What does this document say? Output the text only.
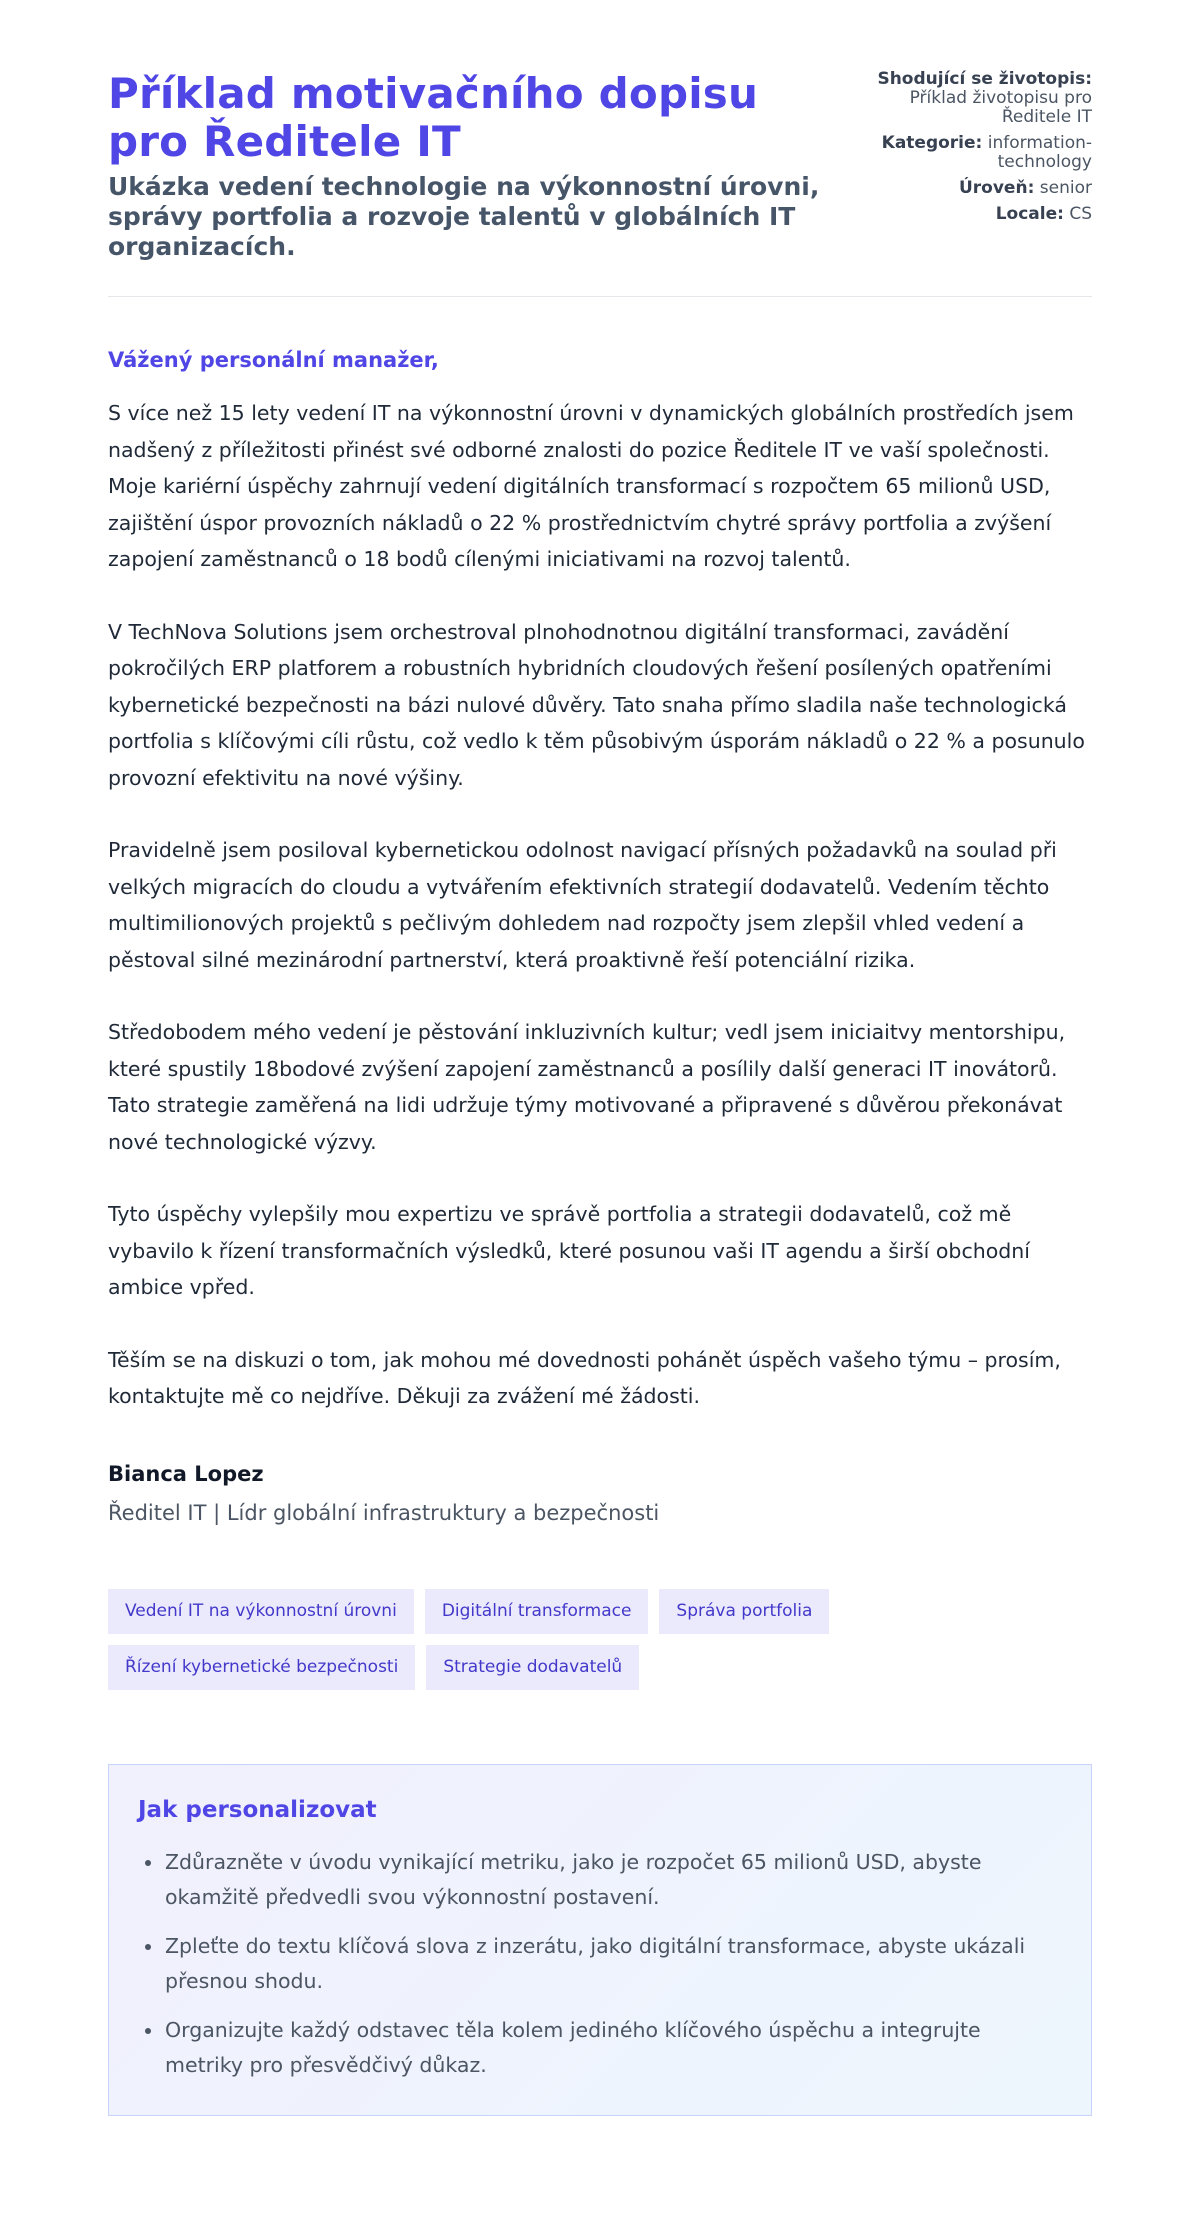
Příklad motivačního dopisu pro Ředitele IT
Ukázka vedení technologie na výkonnostní úrovni, správy portfolia a rozvoje talentů v globálních IT organizacích.
Shodující se životopis:
Příklad životopisu pro Ředitele IT
Kategorie: information-technology
Úroveň: senior
Locale: CS

Vážený personální manažer,

S více než 15 lety vedení IT na výkonnostní úrovni v dynamických globálních prostředích jsem nadšený z příležitosti přinést své odborné znalosti do pozice Ředitele IT ve vaší společnosti. Moje kariérní úspěchy zahrnují vedení digitálních transformací s rozpočtem 65 milionů USD, zajištění úspor provozních nákladů o 22 % prostřednictvím chytré správy portfolia a zvýšení zapojení zaměstnanců o 18 bodů cílenými iniciativami na rozvoj talentů.

V TechNova Solutions jsem orchestroval plnohodnotnou digitální transformaci, zavádění pokročilých ERP platforem a robustních hybridních cloudových řešení posílených opatřeními kybernetické bezpečnosti na bázi nulové důvěry. Tato snaha přímo sladila naše technologická portfolia s klíčovými cíli růstu, což vedlo k těm působivým úsporám nákladů o 22 % a posunulo provozní efektivitu na nové výšiny.

Pravidelně jsem posiloval kybernetickou odolnost navigací přísných požadavků na soulad při velkých migracích do cloudu a vytvářením efektivních strategií dodavatelů. Vedením těchto multimilionových projektů s pečlivým dohledem nad rozpočty jsem zlepšil vhled vedení a pěstoval silné mezinárodní partnerství, která proaktivně řeší potenciální rizika.

Středobodem mého vedení je pěstování inkluzivních kultur; vedl jsem iniciaitvy mentorshipu, které spustily 18bodové zvýšení zapojení zaměstnanců a posílily další generaci IT inovátorů. Tato strategie zaměřená na lidi udržuje týmy motivované a připravené s důvěrou překonávat nové technologické výzvy.

Tyto úspěchy vylepšily mou expertizu ve správě portfolia a strategii dodavatelů, což mě vybavilo k řízení transformačních výsledků, které posunou vaši IT agendu a širší obchodní ambice vpřed.

Těším se na diskuzi o tom, jak mohou mé dovednosti pohánět úspěch vašeho týmu – prosím, kontaktujte mě co nejdříve. Děkuji za zvážení mé žádosti.

Bianca Lopez
Ředitel IT | Lídr globální infrastruktury a bezpečnosti
Vedení IT na výkonnostní úrovni	Digitální transformace	Správa portfolia
Řízení kybernetické bezpečnosti	Strategie dodavatelů
Jak personalizovat
• Zdůrazněte v úvodu vynikající metriku, jako je rozpočet 65 milionů USD, abyste okamžitě předvedli svou výkonnostní postavení.
• Zpleťte do textu klíčová slova z inzerátu, jako digitální transformace, abyste ukázali přesnou shodu.
• Organizujte každý odstavec těla kolem jediného klíčového úspěchu a integrujte metriky pro přesvědčivý důkaz.
